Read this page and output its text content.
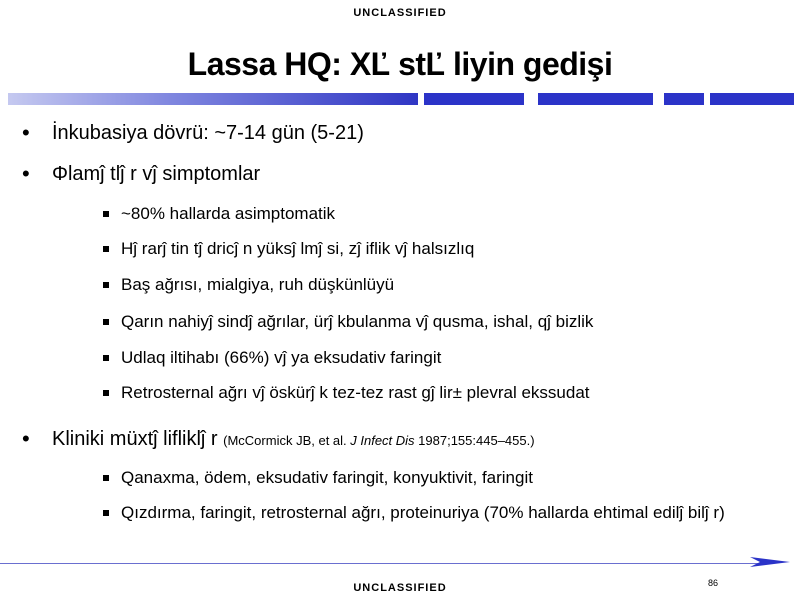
UNCLASSIFIED
Lassa HQ: XĽ stĽ liyin gedişi
• İnkubasiya dövrü: ~7-14 gün (5-21)
• Φlamĵ tlĵ r vĵ simptomlar
~80% hallarda asimptomatik
Hĵ rarĵ tin tĵ dricĵ n yüksĵ lmĵ si, zĵ iflik vĵ halsızlıq
Baş ağrısı, mialgiya, ruh düşkünlüyü
Qarın nahiyĵ sindĵ ağrılar, ürĵ kbulanma vĵ qusma, ishal, qĵ bizlik
Udlaq iltihabı (66%) vĵ ya eksudativ faringit
Retrosternal ağrı vĵ öskürĵ k tez-tez rast gĵ lir± plevral ekssudat
• Kliniki müxtĵ lifliklĵ r (McCormick JB, et al. J Infect Dis 1987;155:445–455.)
Qanaxma, ödem, eksudativ faringit, konyuktivit, faringit
Qızdırma, faringit, retrosternal ağrı, proteinuriya (70% hallarda ehtimal edilĵ bilĵ r)
86
UNCLASSIFIED
